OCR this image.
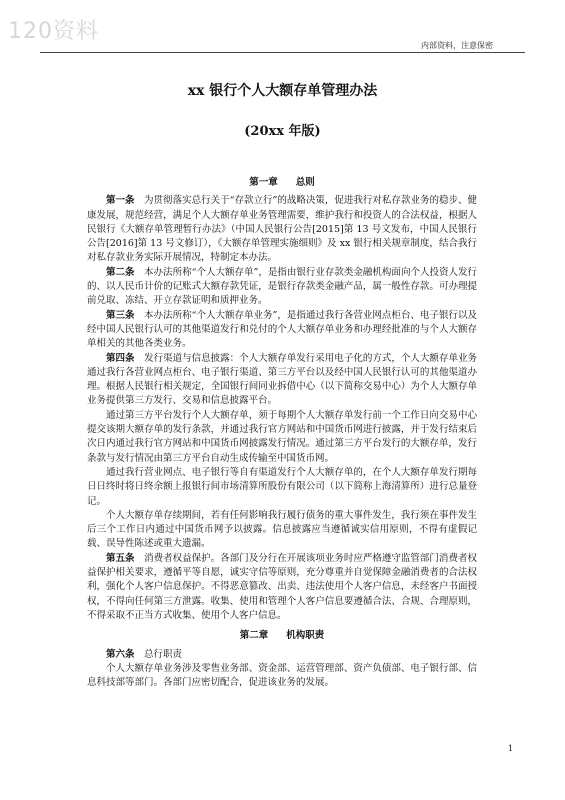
120资料
内部资料，注意保密
xx 银行个人大额存单管理办法
(20xx 年版)
第一章 总则

第一条　 为贯彻落实总行关于“存款立行”的战略决策，促进我行对私存款业务的稳步、健康发展，规范经营，满足个人大额存单业务管理需要，维护我行和投资人的合法权益，根据人民银行《大额存单管理暂行办法》（中国人民银行公告[2015]第 13 号文发布，中国人民银行公告[2016]第 13 号文修订），《大额存单管理实施细则》及 xx 银行相关规章制度，结合我行对私存款业务实际开展情况，特制定本办法。

第二条　 本办法所称“个人大额存单”，是指由银行业存款类金融机构面向个人投资人发行的、以人民币计价的记账式大额存款凭证，是银行存款类金融产品，属一般性存款。可办理提前兑取、冻结、开立存款证明和质押业务。

第三条　 本办法所称“个人大额存单业务”，是指通过我行各营业网点柜台、电子银行以及经中国人民银行认可的其他渠道发行和兑付的个人大额存单业务和办理经批准的与个人大额存单相关的其他各类业务。

第四条　 发行渠道与信息披露：个人大额存单发行采用电子化的方式，个人大额存单业务通过我行各营业网点柜台、电子银行渠道、第三方平台以及经中国人民银行认可的其他渠道办理。根据人民银行相关规定，全国银行间同业拆借中心（以下简称交易中心）为个人大额存单业务提供第三方发行、交易和信息披露平台。

通过第三方平台发行个人大额存单，须于每期个人大额存单发行前一个工作日向交易中心提交该期大额存单的发行条款，并通过我行官方网站和中国货币网进行披露，并于发行结束后次日内通过我行官方网站和中国货币网披露发行情况。通过第三方平台发行的大额存单，发行条款与发行情况由第三方平台自动生成传输至中国货币网。

通过我行营业网点、电子银行等自有渠道发行个人大额存单的，在个人大额存单发行期每日日终时将日终余额上报银行间市场清算所股份有限公司（以下简称上海清算所）进行总量登记。

个人大额存单存续期间，若有任何影响我行履行债务的重大事件发生，我行须在事件发生后三个工作日内通过中国货币网予以披露。信息披露应当遵循诚实信用原则，不得有虚假记载、误导性陈述或重大遗漏。

第五条　 消费者权益保护。各部门及分行在开展该项业务时应严格遵守监管部门消费者权益保护相关要求，遵循平等自愿，诚实守信等原则，充分尊重并自觉保障金融消费者的合法权利，强化个人客户信息保护。不得恶意篡改、出卖、违法使用个人客户信息，未经客户书面授权，不得向任何第三方泄露。收集、使用和管理个人客户信息要遵循合法、合规、合理原则，不得采取不正当方式收集、使用个人客户信息。

第二章 机构职责

第六条　 总行职责

个人大额存单业务涉及零售业务部、资金部、运营管理部、资产负债部、电子银行部、信息科技部等部门。各部门应密切配合，促进该业务的发展。

1
